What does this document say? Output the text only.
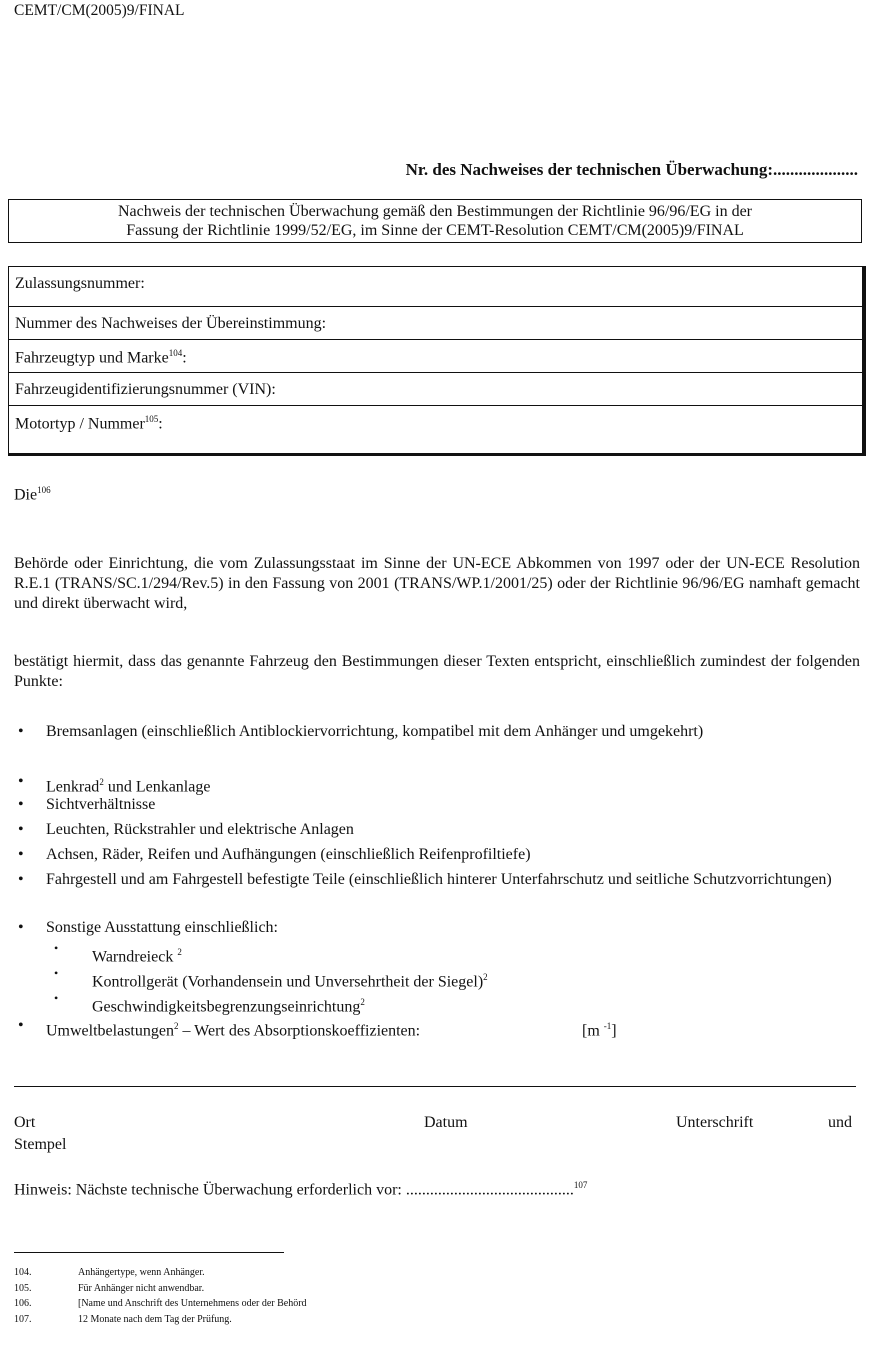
CEMT/CM(2005)9/FINAL
Nr. des Nachweises der technischen Überwachung:....................
Nachweis der technischen Überwachung gemäß den Bestimmungen der Richtlinie 96/96/EG in der
Fassung der Richtlinie 1999/52/EG, im Sinne der CEMT-Resolution CEMT/CM(2005)9/FINAL
Zulassungsnummer:
Nummer des Nachweises der Übereinstimmung:
Fahrzeugtyp und Marke$^{104}$:
Fahrzeugidentifizierungsnummer (VIN):
Motortyp / Nummer$^{105}$:
Die$^{106}$
Behörde oder Einrichtung, die vom Zulassungsstaat im Sinne der UN-ECE Abkommen von 1997 oder der UN-ECE Resolution R.E.1 (TRANS/SC.1/294/Rev.5) in den Fassung von 2001 (TRANS/WP.1/2001/25) oder der Richtlinie 96/96/EG namhaft gemacht und direkt überwacht wird,
bestätigt hiermit, dass das genannte Fahrzeug den Bestimmungen dieser Texten entspricht, einschließlich zumindest der folgenden Punkte:
• Bremsanlagen (einschließlich Antiblockiervorrichtung, kompatibel mit dem Anhänger und umgekehrt)
• Lenkrad$^2$ und Lenkanlage
• Sichtverhältnisse
• Leuchten, Rückstrahler und elektrische Anlagen
• Achsen, Räder, Reifen und Aufhängungen (einschließlich Reifenprofiltiefe)
• Fahrgestell und am Fahrgestell befestigte Teile (einschließlich hinterer Unterfahrschutz und seitliche Schutzvorrichtungen)
• Sonstige Ausstattung einschließlich:
•
Warndreieck $^2$
•
Kontrollgerät (Vorhandensein und Unversehrtheit der Siegel)$^2$
•
Geschwindigkeitsbegrenzungseinrichtung$^2$
• Umweltbelastungen$^2$ – Wert des Absorptionskoeffizienten:	[m $^{-1}$]
Ort	Datum	Unterschrift	und
Stempel
Hinweis: Nächste technische Überwachung erforderlich vor: ..........................................$^{107}$
104.	Anhängertype, wenn Anhänger.
105.	Für Anhänger nicht anwendbar.
106.	[Name und Anschrift des Unternehmens oder der Behörd
107.	12 Monate nach dem Tag der Prüfung.
